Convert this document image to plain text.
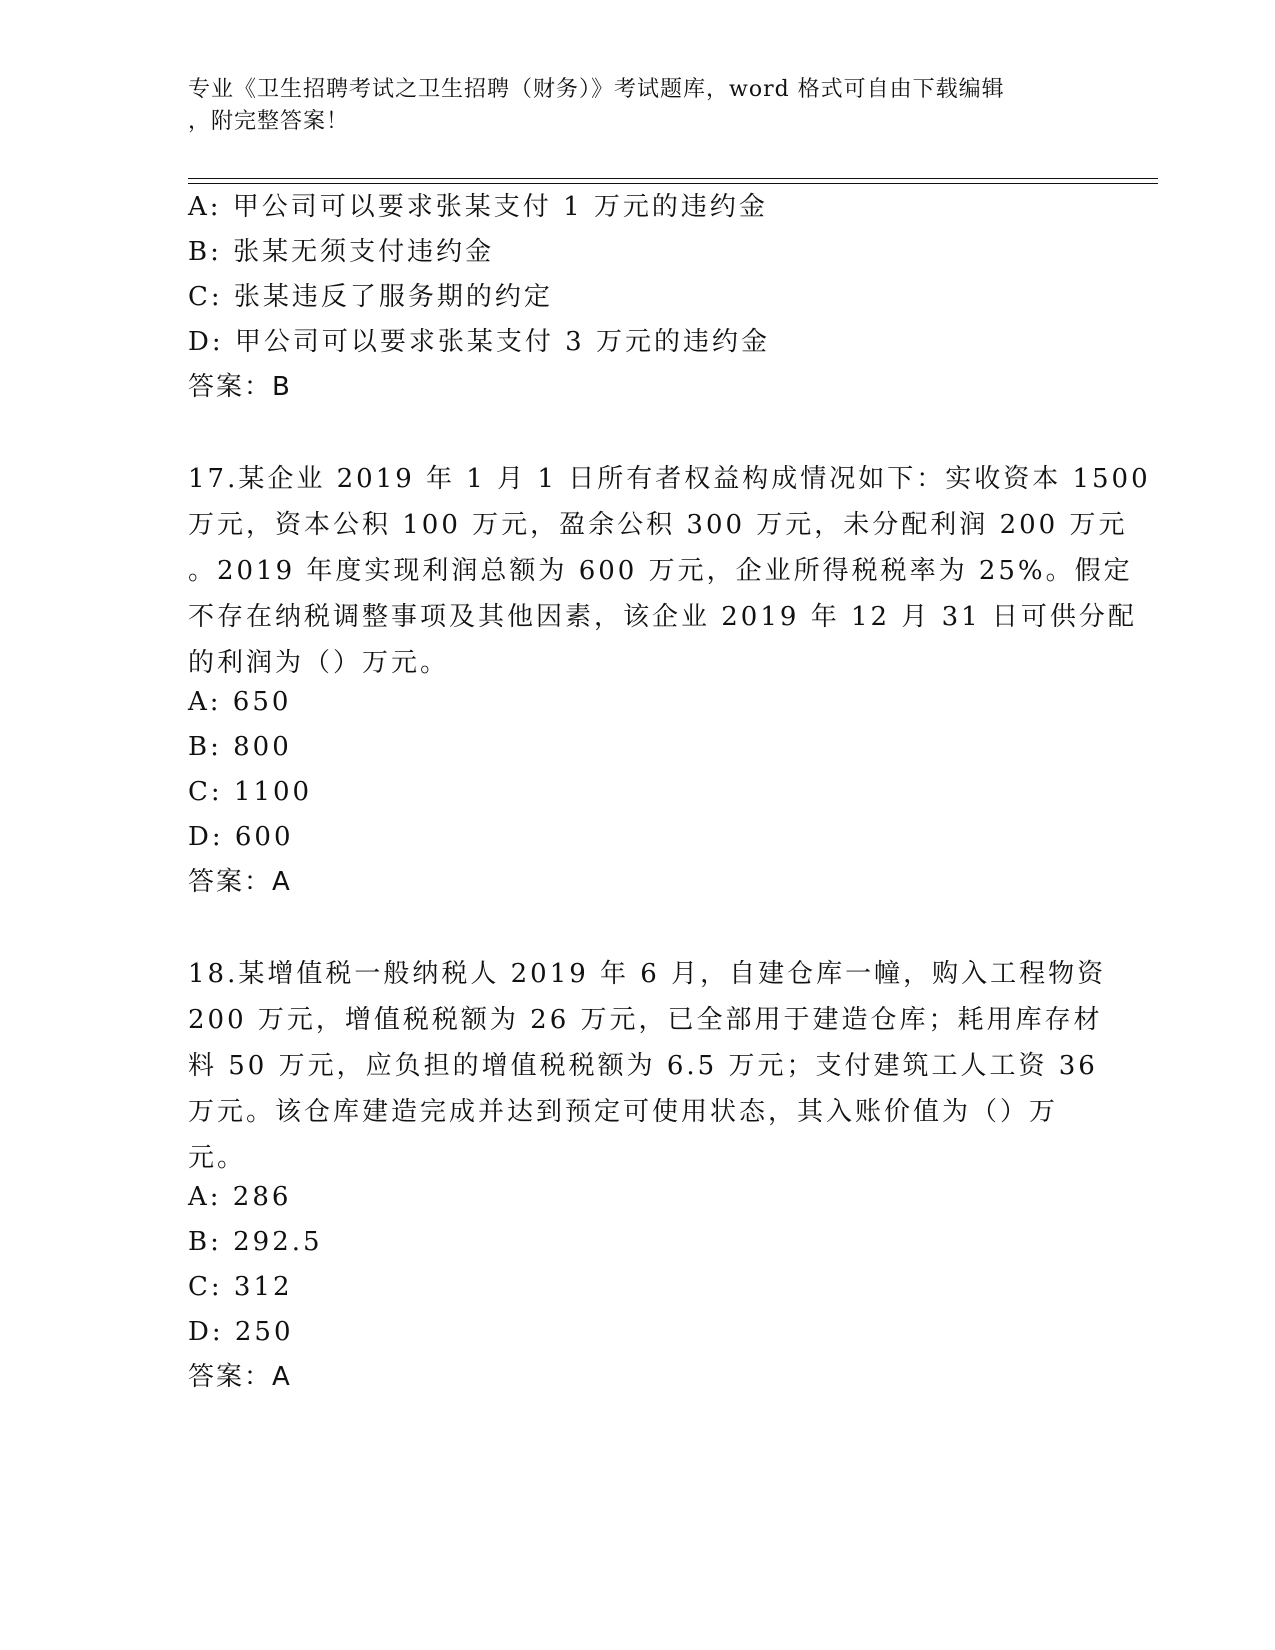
专业《卫生招聘考试之卫生招聘（财务）》考试题库，word 格式可自由下载编辑
，附完整答案！
A: 甲公司可以要求张某支付 1 万元的违约金
B: 张某无须支付违约金
C: 张某违反了服务期的约定
D: 甲公司可以要求张某支付 3 万元的违约金
答案：B
17.某企业 2019 年 1 月 1 日所有者权益构成情况如下：实收资本 1500
万元，资本公积 100 万元，盈余公积 300 万元，未分配利润 200 万元
。2019 年度实现利润总额为 600 万元，企业所得税税率为 25%。假定
不存在纳税调整事项及其他因素，该企业 2019 年 12 月 31 日可供分配
的利润为（）万元。
A: 650
B: 800
C: 1100
D: 600
答案：A
18.某增值税一般纳税人 2019 年 6 月，自建仓库一幢，购入工程物资
200 万元，增值税税额为 26 万元，已全部用于建造仓库；耗用库存材
料 50 万元，应负担的增值税税额为 6.5 万元；支付建筑工人工资 36
万元。该仓库建造完成并达到预定可使用状态，其入账价值为（）万
元。
A: 286
B: 292.5
C: 312
D: 250
答案：A
